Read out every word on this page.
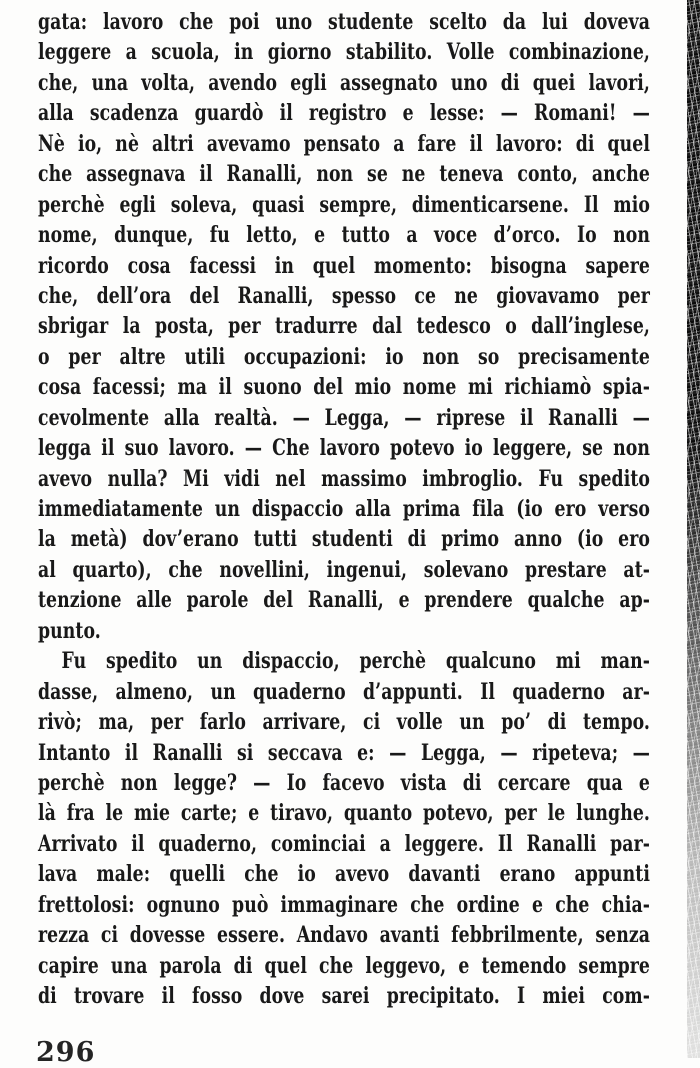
gata: lavoro che poi uno studente scelto da lui doveva
leggere a scuola, in giorno stabilito. Volle combinazione,
che, una volta, avendo egli assegnato uno di quei lavori,
alla scadenza guardò il registro e lesse: — Romani! —
Nè io, nè altri avevamo pensato a fare il lavoro: di quel
che assegnava il Ranalli, non se ne teneva conto, anche
perchè egli soleva, quasi sempre, dimenticarsene. Il mio
nome, dunque, fu letto, e tutto a voce d’orco. Io non
ricordo cosa facessi in quel momento: bisogna sapere
che, dell’ora del Ranalli, spesso ce ne giovavamo per
sbrigar la posta, per tradurre dal tedesco o dall’inglese,
o per altre utili occupazioni: io non so precisamente
cosa facessi; ma il suono del mio nome mi richiamò spia-
cevolmente alla realtà. — Legga, — riprese il Ranalli —
legga il suo lavoro. — Che lavoro potevo io leggere, se non
avevo nulla? Mi vidi nel massimo imbroglio. Fu spedito
immediatamente un dispaccio alla prima fila (io ero verso
la metà) dov’erano tutti studenti di primo anno (io ero
al quarto), che novellini, ingenui, solevano prestare at-
tenzione alle parole del Ranalli, e prendere qualche ap-
punto.
Fu spedito un dispaccio, perchè qualcuno mi man-
dasse, almeno, un quaderno d’appunti. Il quaderno ar-
rivò; ma, per farlo arrivare, ci volle un po’ di tempo.
Intanto il Ranalli si seccava e: — Legga, — ripeteva; —
perchè non legge? — Io facevo vista di cercare qua e
là fra le mie carte; e tiravo, quanto potevo, per le lunghe.
Arrivato il quaderno, cominciai a leggere. Il Ranalli par-
lava male: quelli che io avevo davanti erano appunti
frettolosi: ognuno può immaginare che ordine e che chia-
rezza ci dovesse essere. Andavo avanti febbrilmente, senza
capire una parola di quel che leggevo, e temendo sempre
di trovare il fosso dove sarei precipitato. I miei com-
296
